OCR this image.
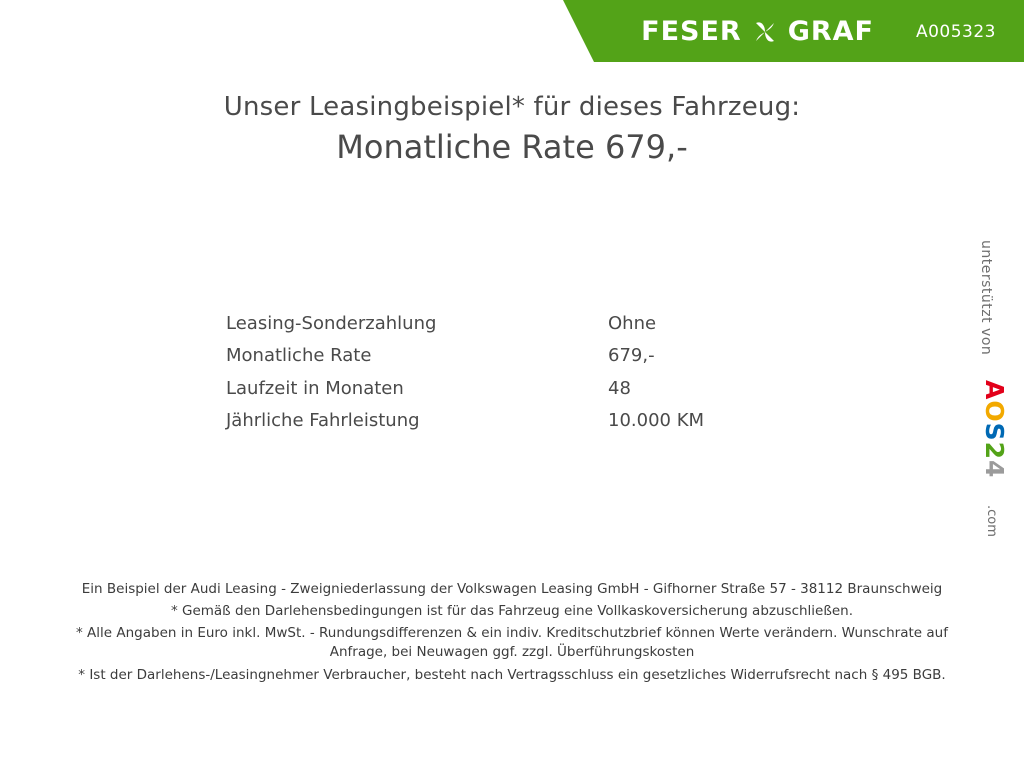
FESER GRAF A005323
Unser Leasingbeispiel* für dieses Fahrzeug:
Monatliche Rate 679,-
Leasing-Sonderzahlung	Ohne
Monatliche Rate	679,-
Laufzeit in Monaten	48
Jährliche Fahrleistung	10.000 KM
unterstützt von
AOS24
.com

Ein Beispiel der Audi Leasing - Zweigniederlassung der Volkswagen Leasing GmbH - Gifhorner Straße 57 - 38112 Braunschweig

* Gemäß den Darlehensbedingungen ist für das Fahrzeug eine Vollkaskoversicherung abzuschließen.

* Alle Angaben in Euro inkl. MwSt. - Rundungsdifferenzen & ein indiv. Kreditschutzbrief können Werte verändern. Wunschrate auf Anfrage, bei Neuwagen ggf. zzgl. Überführungskosten

* Ist der Darlehens-/Leasingnehmer Verbraucher, besteht nach Vertragsschluss ein gesetzliches Widerrufsrecht nach § 495 BGB.
